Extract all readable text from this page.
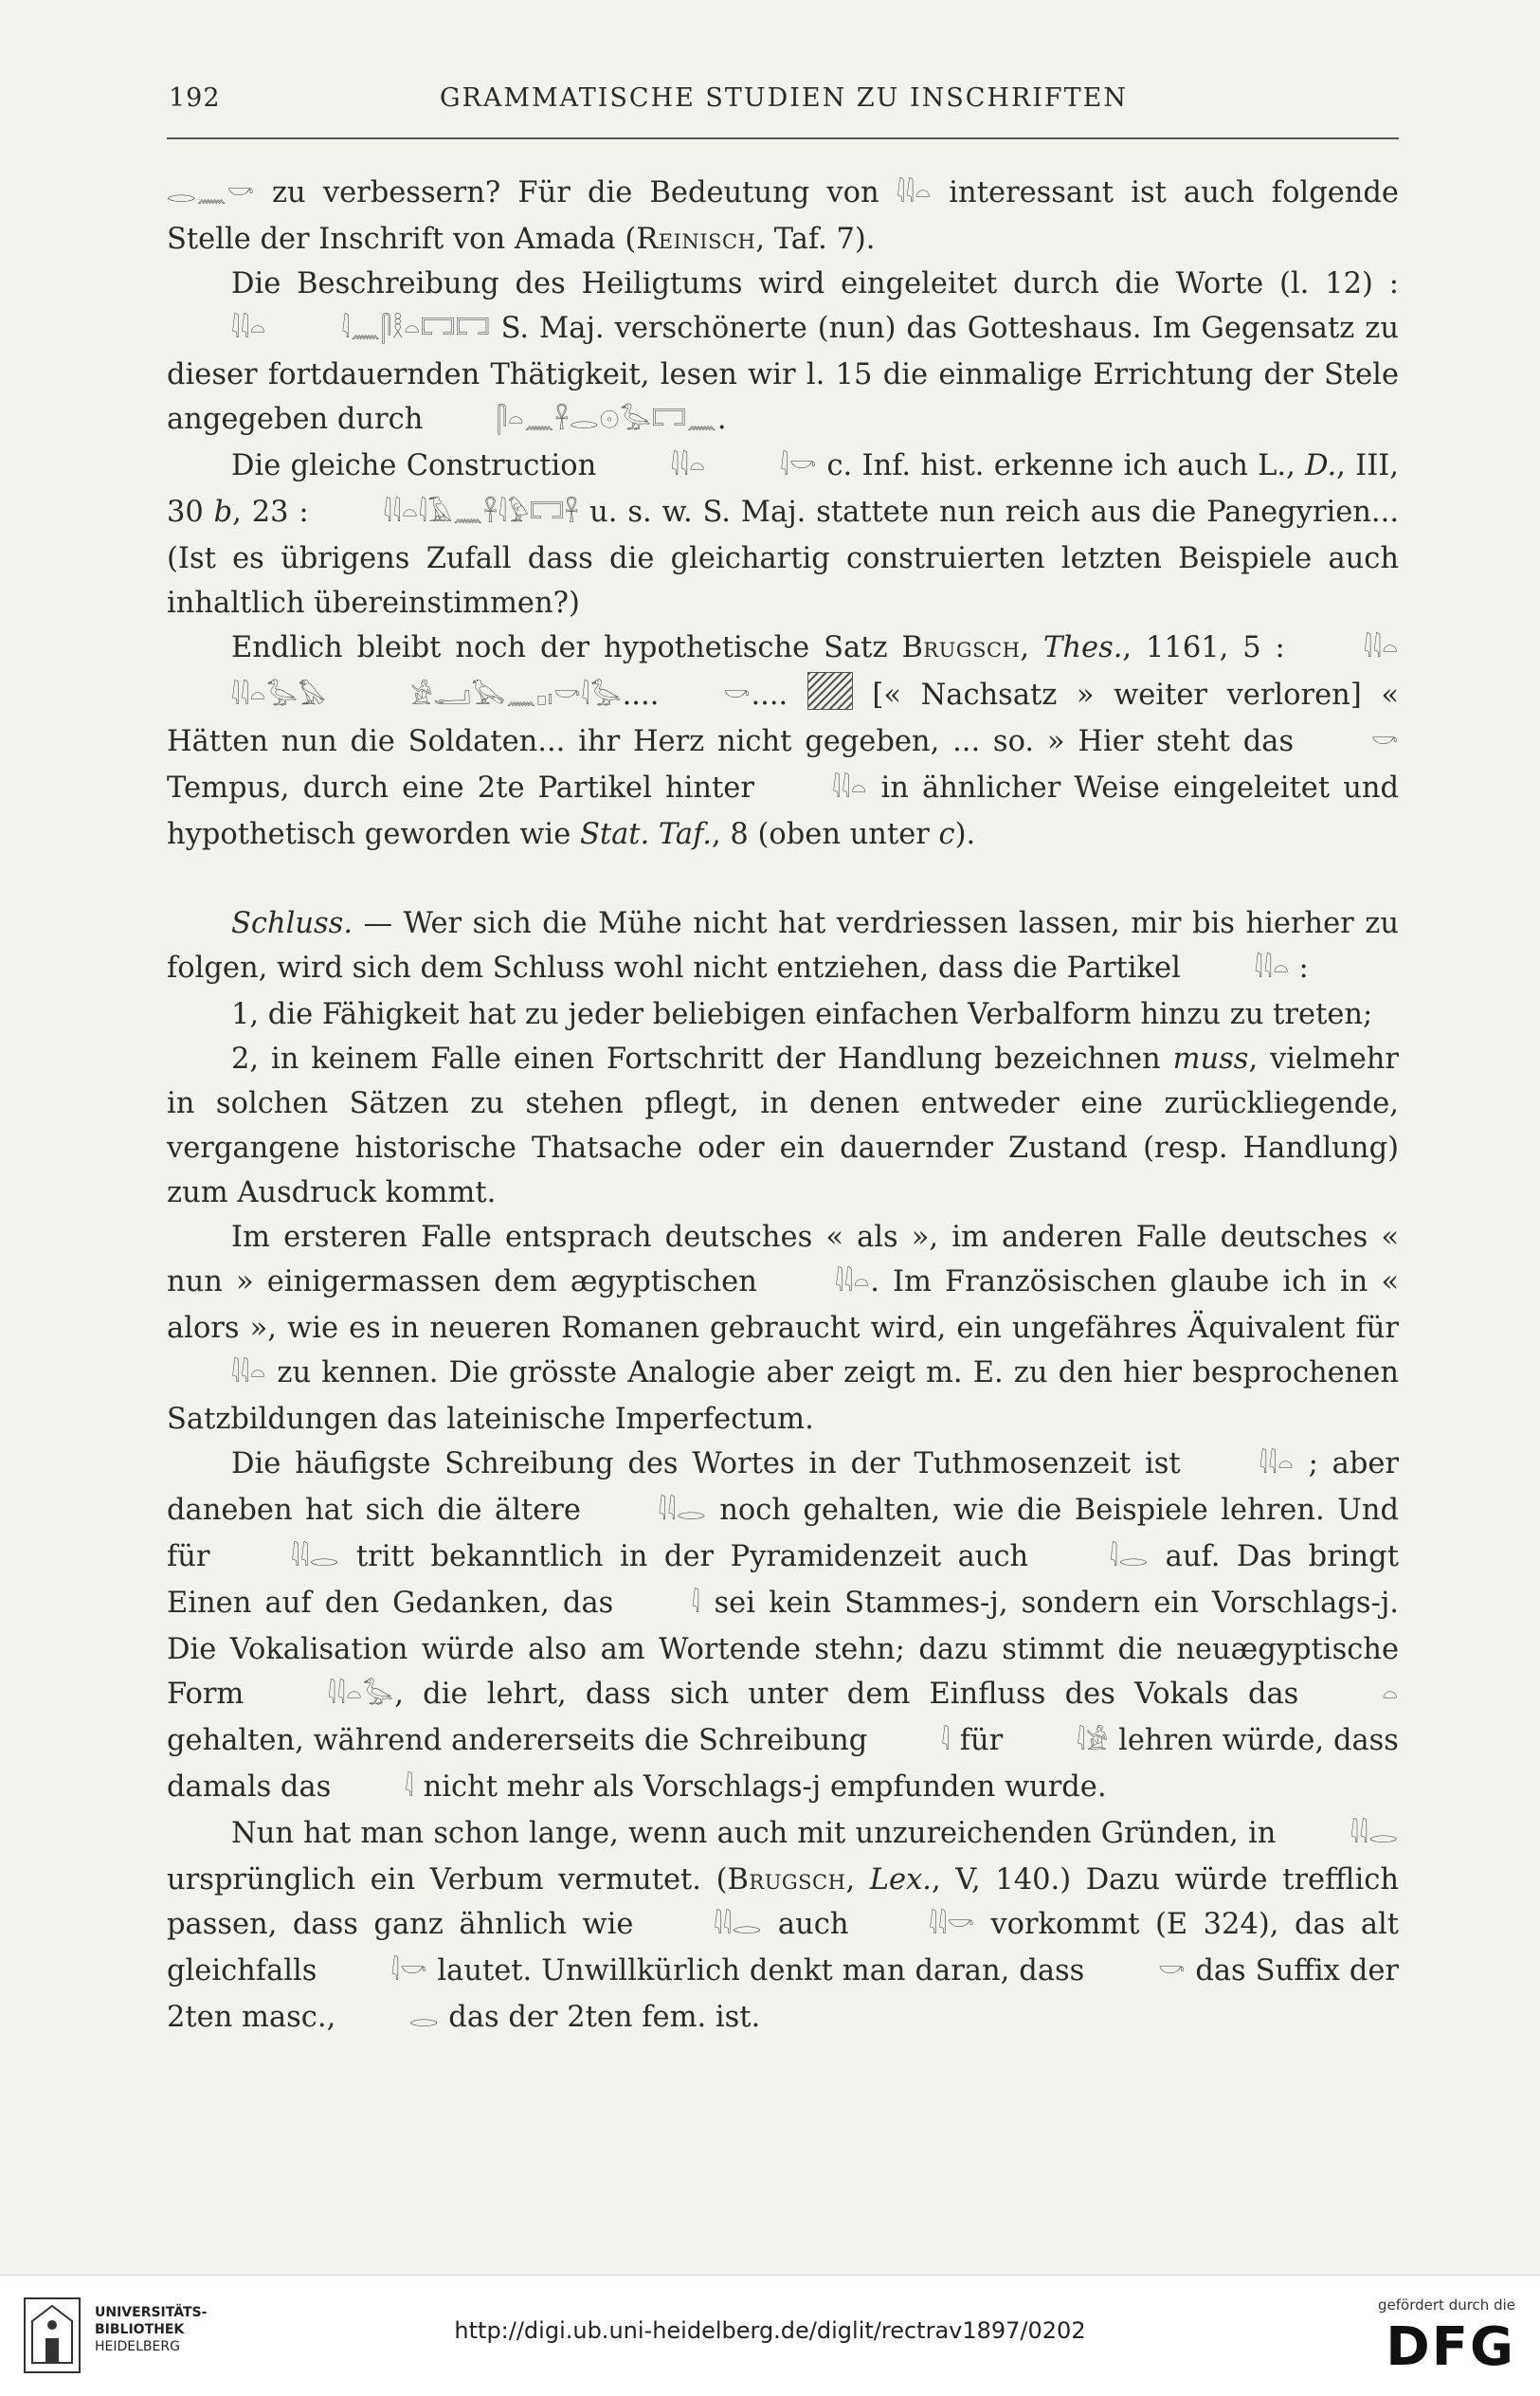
192	GRAMMATISCHE STUDIEN ZU INSCHRIFTEN

𓂋𓈖𓎡 zu verbessern? Für die Bedeutung von 𓇋𓇋𓏏 interessant ist auch folgende Stelle der Inschrift von Amada (Reinisch, Taf. 7).

Die Beschreibung des Heiligtums wird eingeleitet durch die Worte (l. 12) : 𓇋𓇋𓏏	𓇋𓈖𓋴𓎛𓏏𓉐𓉐 S. Maj. verschönerte (nun) das Gotteshaus. Im Gegensatz zu dieser fortdauernden Thätigkeit, lesen wir l. 15 die einmalige Errichtung der Stele angegeben durch	𓋴𓏏𓈖𓋹𓂋𓇳𓅭𓉐𓈖.

Die gleiche Construction	𓇋𓇋𓏏	𓇋𓎡 c. Inf. hist. erkenne ich auch L., D., III, 30 b, 23 :	𓇋𓇋𓏏𓇋𓄿𓈖𓋹𓇋𓅱𓉐𓋹 u. s. w. S. Maj. stattete nun reich aus die Panegyrien... (Ist es übrigens Zufall dass die gleichartig construierten letzten Beispiele auch inhaltlich übereinstimmen?)

Endlich bleibt noch der hypothetische Satz Brugsch, Thes., 1161, 5 :	𓇋𓇋𓏏 𓇋𓇋𓏏𓅭𓅃	𓀀𓂝𓅂𓈖𓊪𓏤𓎡𓇋𓅭....	𓎡....	[« Nachsatz » weiter verloren] « Hätten nun die Soldaten... ihr Herz nicht gegeben, ... so. » Hier steht das	𓎡 Tempus, durch eine 2te Partikel hinter	𓇋𓇋𓏏 in ähnlicher Weise eingeleitet und hypothetisch geworden wie Stat. Taf., 8 (oben unter c).

Schluss. — Wer sich die Mühe nicht hat verdriessen lassen, mir bis hierher zu folgen, wird sich dem Schluss wohl nicht entziehen, dass die Partikel	𓇋𓇋𓏏 :

1, die Fähigkeit hat zu jeder beliebigen einfachen Verbalform hinzu zu treten;

2, in keinem Falle einen Fortschritt der Handlung bezeichnen muss, vielmehr in solchen Sätzen zu stehen pflegt, in denen entweder eine zurückliegende, vergangene historische Thatsache oder ein dauernder Zustand (resp. Handlung) zum Ausdruck kommt.

Im ersteren Falle entsprach deutsches « als », im anderen Falle deutsches « nun » einigermassen dem ægyptischen	𓇋𓇋𓏏. Im Französischen glaube ich in « alors », wie es in neueren Romanen gebraucht wird, ein ungefähres Äquivalent für 𓇋𓇋𓏏 zu kennen. Die grösste Analogie aber zeigt m. E. zu den hier besprochenen Satzbildungen das lateinische Imperfectum.

Die häufigste Schreibung des Wortes in der Tuthmosenzeit ist	𓇋𓇋𓏏 ; aber daneben hat sich die ältere	𓇋𓇋𓂋 noch gehalten, wie die Beispiele lehren. Und für	𓇋𓇋𓂋 tritt bekanntlich in der Pyramidenzeit auch	𓇋𓂋 auf. Das bringt Einen auf den Gedanken, das	𓇋 sei kein Stammes-j, sondern ein Vorschlags-j. Die Vokalisation würde also am Wortende stehn; dazu stimmt die neuægyptische Form	𓇋𓇋𓏏𓅭, die lehrt, dass sich unter dem Einfluss des Vokals das	𓏏 gehalten, während andererseits die Schreibung	𓇋 für	𓇋𓀀 lehren würde, dass damals das	𓇋 nicht mehr als Vorschlags-j empfunden wurde.

Nun hat man schon lange, wenn auch mit unzureichenden Gründen, in	𓇋𓇋𓂋 ursprünglich ein Verbum vermutet. (Brugsch, Lex., V, 140.) Dazu würde trefflich passen, dass ganz ähnlich wie	𓇋𓇋𓂋 auch	𓇋𓇋𓎡 vorkommt (E 324), das alt gleichfalls	𓇋𓎡 lautet. Unwillkürlich denkt man daran, dass	𓎡 das Suffix der 2ten masc.,	𓂋 das der 2ten fem. ist.

UNIVERSITÄTS-
BIBLIOTHEK
HEIDELBERG
http://digi.ub.uni-heidelberg.de/diglit/rectrav1897/0202
gefördert durch die
DFG
